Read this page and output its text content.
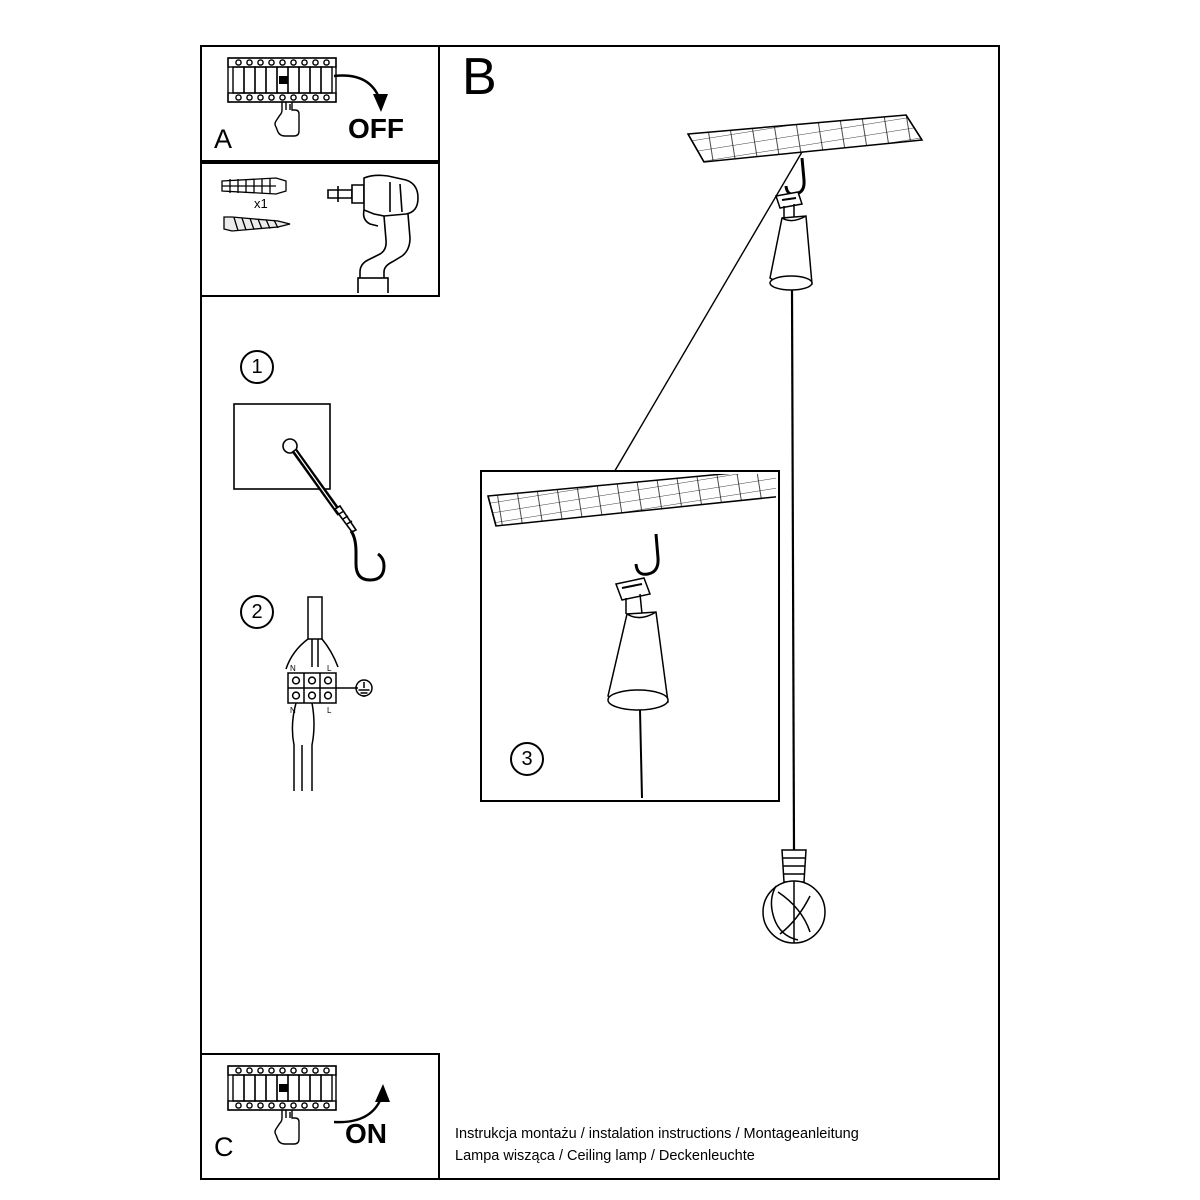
A	OFF
x1
1
2
N	L
N	L
B
3
C	ON	Instrukcja montażu / instalation instructions / Montageanleitung
Lampa wisząca / Ceiling lamp / Deckenleuchte
